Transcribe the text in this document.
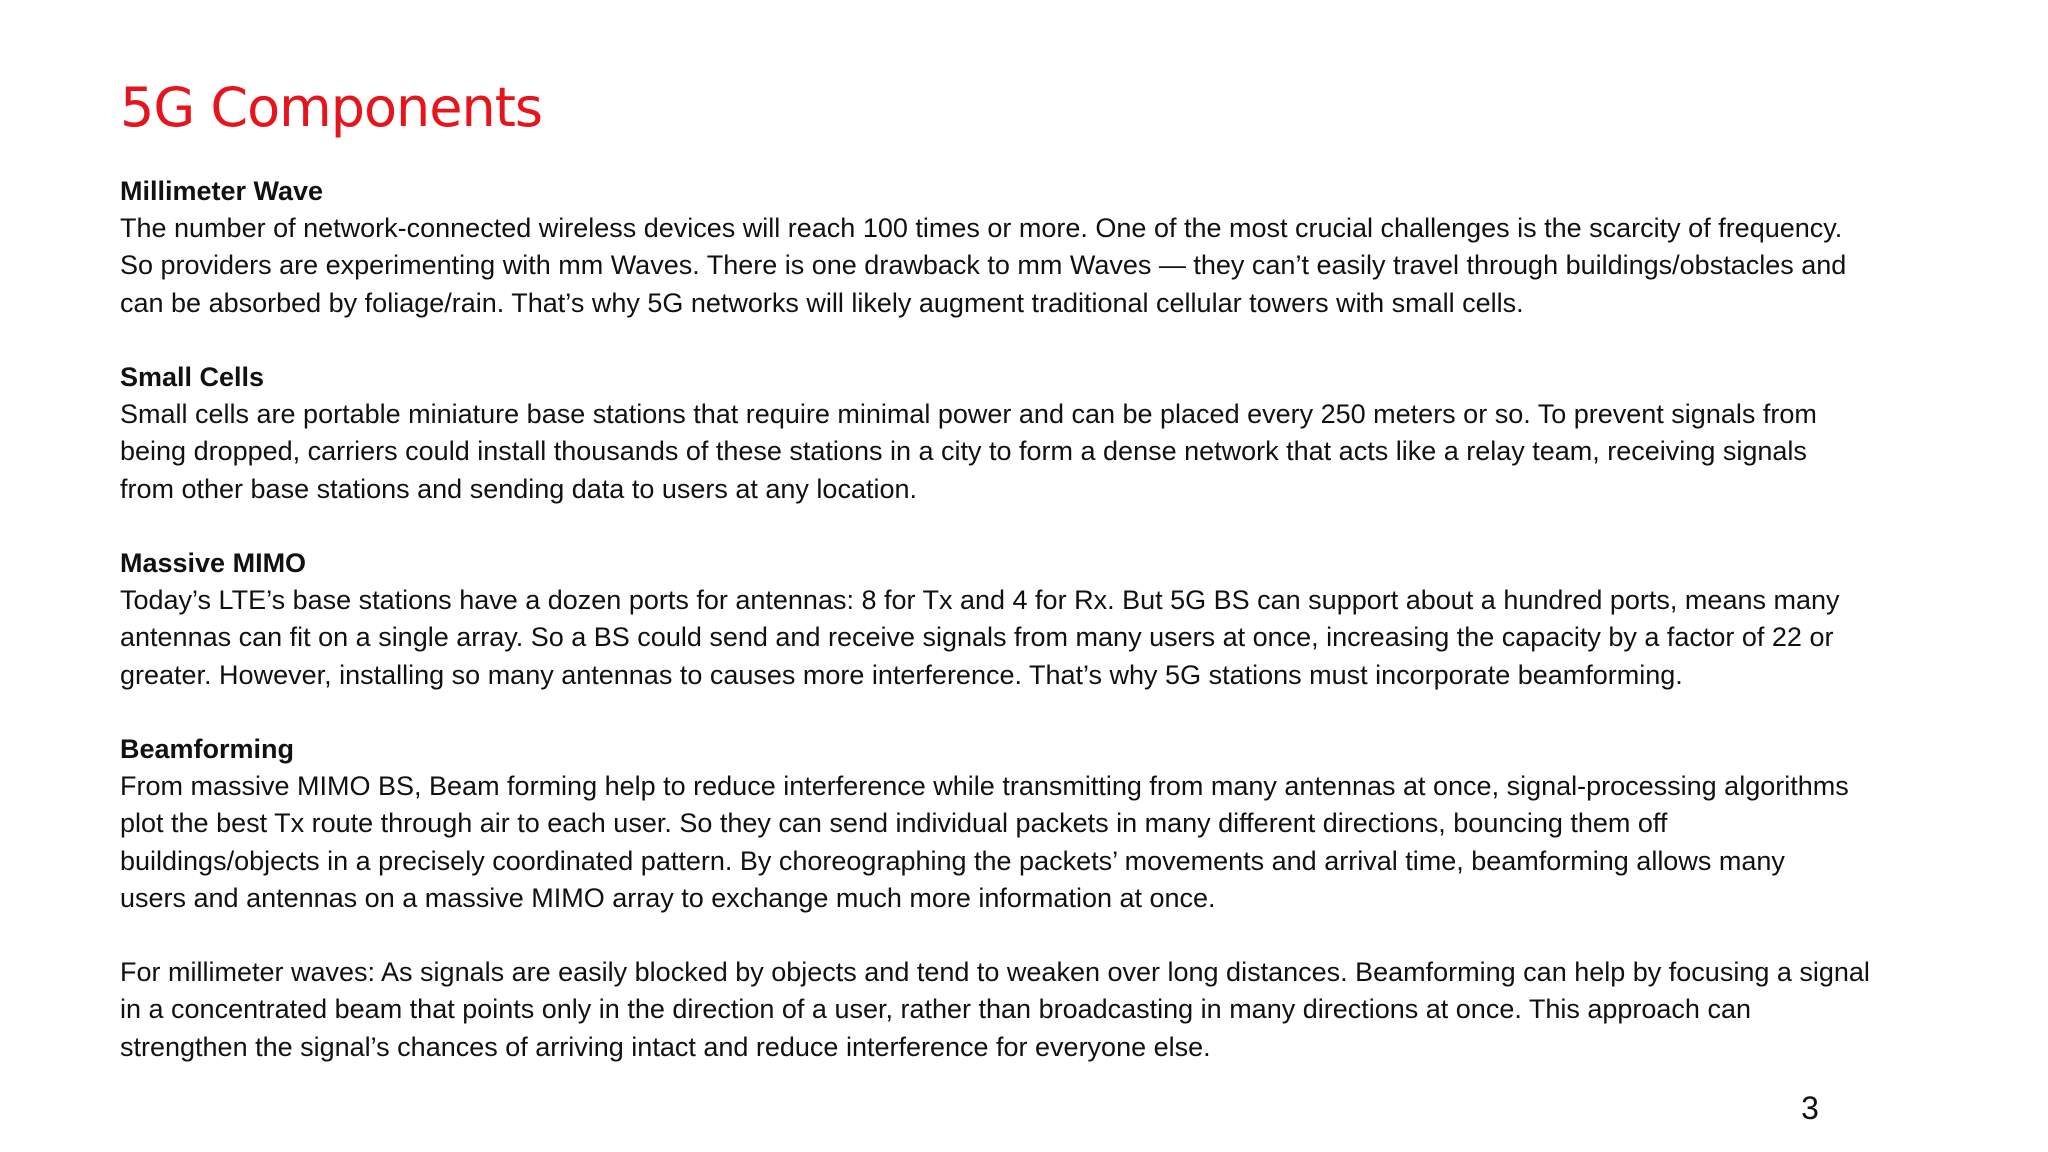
5G Components
Millimeter Wave
The number of network-connected wireless devices will reach 100 times or more. One of the most crucial challenges is the scarcity of frequency.
So providers are experimenting with mm Waves. There is one drawback to mm Waves — they can’t easily travel through buildings/obstacles and
can be absorbed by foliage/rain. That’s why 5G networks will likely augment traditional cellular towers with small cells.
Small Cells
Small cells are portable miniature base stations that require minimal power and can be placed every 250 meters or so. To prevent signals from
being dropped, carriers could install thousands of these stations in a city to form a dense network that acts like a relay team, receiving signals
from other base stations and sending data to users at any location.
Massive MIMO
Today’s LTE’s base stations have a dozen ports for antennas: 8 for Tx and 4 for Rx. But 5G BS can support about a hundred ports, means many
antennas can fit on a single array. So a BS could send and receive signals from many users at once, increasing the capacity by a factor of 22 or
greater. However, installing so many antennas to causes more interference. That’s why 5G stations must incorporate beamforming.
Beamforming
From massive MIMO BS, Beam forming help to reduce interference while transmitting from many antennas at once, signal-processing algorithms
plot the best Tx route through air to each user. So they can send individual packets in many different directions, bouncing them off
buildings/objects in a precisely coordinated pattern. By choreographing the packets’ movements and arrival time, beamforming allows many
users and antennas on a massive MIMO array to exchange much more information at once.
For millimeter waves: As signals are easily blocked by objects and tend to weaken over long distances. Beamforming can help by focusing a signal
in a concentrated beam that points only in the direction of a user, rather than broadcasting in many directions at once. This approach can
strengthen the signal’s chances of arriving intact and reduce interference for everyone else.
3
